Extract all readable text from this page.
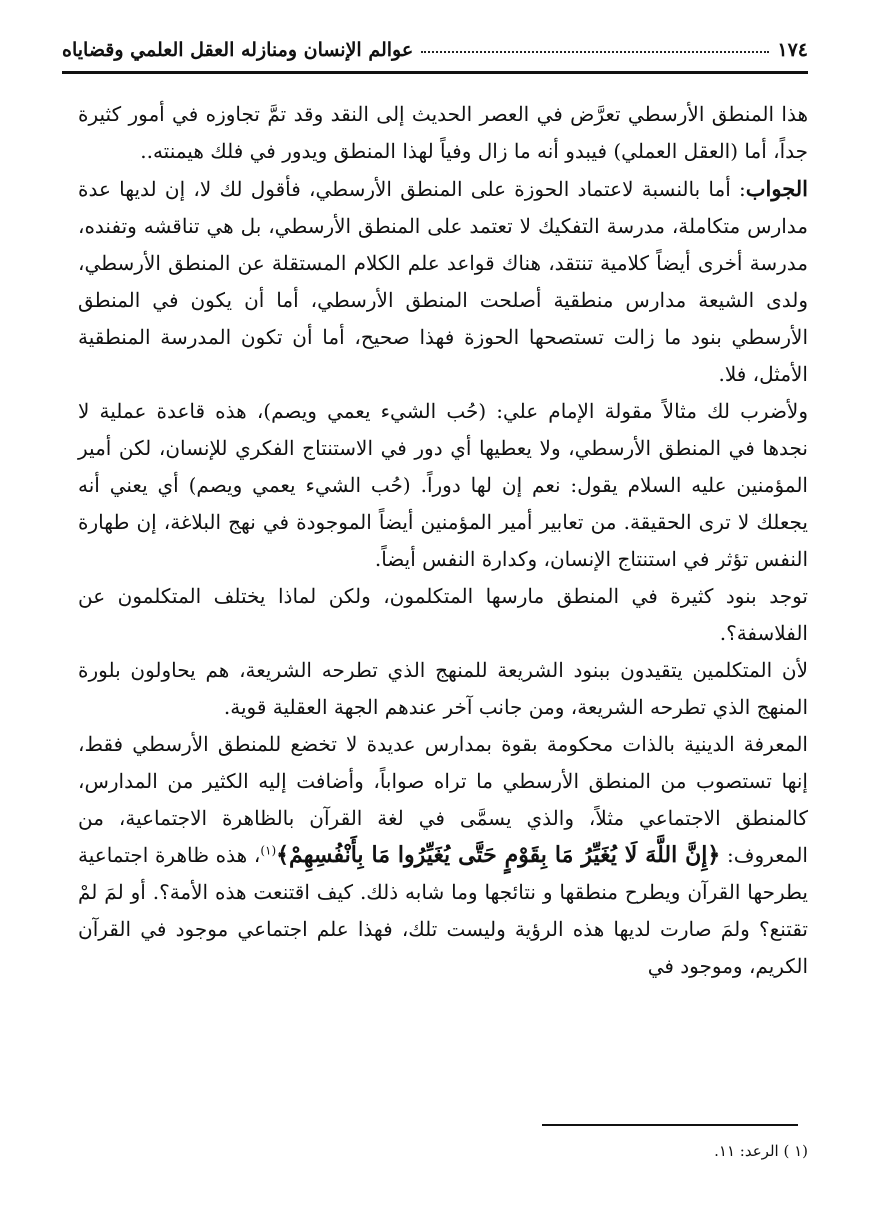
١٧٤
عوالم الإنسان ومنازله العقل العلمي وقضاياه

هذا المنطق الأرسطي تعرَّض في العصر الحديث إلى النقد وقد تمَّ تجاوزه في أمور كثيرة جداً، أما (العقل العملي) فيبدو أنه ما زال وفياً لهذا المنطق ويدور في فلك هيمنته..

الجواب: أما بالنسبة لاعتماد الحوزة على المنطق الأرسطي، فأقول لك لا، إن لديها عدة مدارس متكاملة، مدرسة التفكيك لا تعتمد على المنطق الأرسطي، بل هي تناقشه وتفنده، مدرسة أخرى أيضاً كلامية تنتقد، هناك قواعد علم الكلام المستقلة عن المنطق الأرسطي، ولدى الشيعة مدارس منطقية أصلحت المنطق الأرسطي، أما أن يكون في المنطق الأرسطي بنود ما زالت تستصحها الحوزة فهذا صحيح، أما أن تكون المدرسة المنطقية الأمثل، فلا.

ولأضرب لك مثالاً مقولة الإمام علي: (حُب الشيء يعمي ويصم)، هذه قاعدة عملية لا نجدها في المنطق الأرسطي، ولا يعطيها أي دور في الاستنتاج الفكري للإنسان، لكن أمير المؤمنين عليه السلام يقول: نعم إن لها دوراً. (حُب الشيء يعمي ويصم) أي يعني أنه يجعلك لا ترى الحقيقة. من تعابير أمير المؤمنين أيضاً الموجودة في نهج البلاغة، إن طهارة النفس تؤثر في استنتاج الإنسان، وكدارة النفس أيضاً.

توجد بنود كثيرة في المنطق مارسها المتكلمون، ولكن لماذا يختلف المتكلمون عن الفلاسفة؟.

لأن المتكلمين يتقيدون ببنود الشريعة للمنهج الذي تطرحه الشريعة، هم يحاولون بلورة المنهج الذي تطرحه الشريعة، ومن جانب آخر عندهم الجهة العقلية قوية.

المعرفة الدينية بالذات محكومة بقوة بمدارس عديدة لا تخضع للمنطق الأرسطي فقط، إنها تستصوب من المنطق الأرسطي ما تراه صواباً، وأضافت إليه الكثير من المدارس، كالمنطق الاجتماعي مثلاً، والذي يسمَّى في لغة القرآن بالظاهرة الاجتماعية، من المعروف: ﴿إِنَّ اللَّهَ لَا يُغَيِّرُ مَا بِقَوْمٍ حَتَّى يُغَيِّرُوا مَا بِأَنْفُسِهِمْ﴾$^{(١)}$، هذه ظاهرة اجتماعية يطرحها القرآن ويطرح منطقها و نتائجها وما شابه ذلك. كيف اقتنعت هذه الأمة؟. أو لمَ لمْ تقتنع؟ ولمَ صارت لديها هذه الرؤية وليست تلك، فهذا علم اجتماعي موجود في القرآن الكريم، وموجود في

(١ ) الرعد: ١١.
